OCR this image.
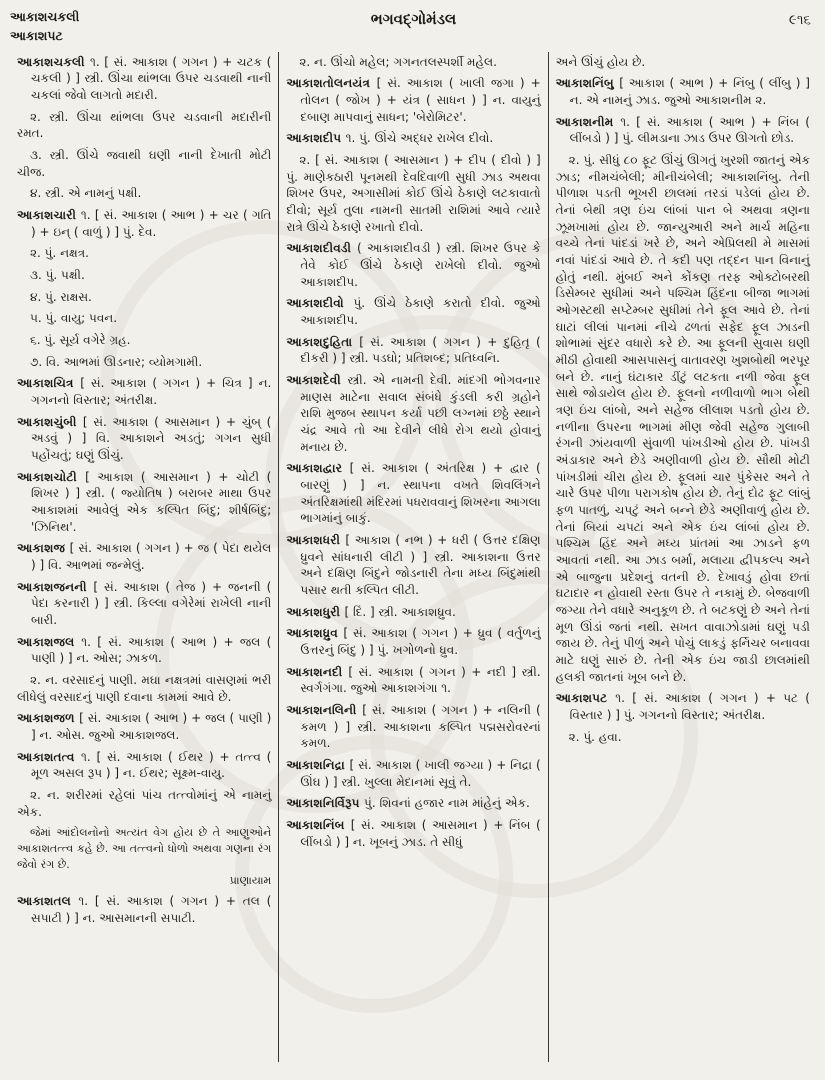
આકાશચકલી
આકાશપટ
ભગવદ્ગોમંડલ	૯૧૬
આકાશચકલી ૧. [ સં. આકાશ ( ગગન ) + ચટક ( ચકલી ) ] સ્ત્રી. ઊંચા થાંભલા ઉપર ચડવાથી નાની ચકલાં જેવો લાગતો મદારી.
૨. સ્ત્રી. ઊંચા થાંભલા ઉપર ચડવાની મદારીની રમત.
૩. સ્ત્રી. ઊંચે જવાથી ઘણી નાની દેખાતી મોટી ચીજ.
૪. સ્ત્રી. એ નામનું પક્ષી.
આકાશચારી ૧. [ સં. આકાશ ( આભ ) + ચર ( ગતિ ) + ઇન્ ( વાળું ) ] પું. દેવ.
૨. પું. નક્ષત્ર.
૩. પું. પક્ષી.
૪. પું. રાક્ષસ.
૫. પું. વાયુ; પવન.
૬. પું. સૂર્ય વગેરે ગ્રહ.
૭. વિ. આભમાં ઊડનાર; વ્યોમગામી.
આકાશચિત્ર [ સં. આકાશ ( ગગન ) + ચિત્ર ] ન. ગગનનો વિસ્તાર; અંતરીક્ષ.
આકાશચુંબી [ સં. આકાશ ( આસમાન ) + ચુંબ્ ( અડવું ) ] વિ. આકાશને અડતું; ગગન સુધી પહોંચતું; ઘણું ઊંચું.
આકાશચોટી [ આકાશ ( આસમાન ) + ચોટી ( શિખર ) ] સ્ત્રી. ( જ્યોતિષ ) બરાબર માથા ઉપર આકાશમાં આવેલું એક કલ્પિત બિંદુ; શીર્ષબિંદુ; 'ઝિનિથ'.
આકાશજ [ સં. આકાશ ( ગગન ) + જ ( પેદા થયેલ ) ] વિ. આભમાં જન્મેલું.
આકાશજનની [ સં. આકાશ ( તેજ ) + જનની ( પેદા કરનારી ) ] સ્ત્રી. કિલ્લા વગેરેમાં રાખેલી નાની બારી.
આકાશજલ ૧. [ સં. આકાશ ( આભ ) + જલ ( પાણી ) ] ન. ઓસ; ઝાકળ.
૨. ન. વરસાદનું પાણી. મઘા નક્ષત્રમાં વાસણમાં ભરી લીધેલું વરસાદનું પાણી દવાના કામમાં આવે છે.
આકાશજળ [ સં. આકાશ ( આભ ) + જલ ( પાણી ) ] ન. ઓસ. જુઓ આકાશજલ.
આકાશતત્વ ૧. [ સં. આકાશ ( ઈથર ) + તત્ત્વ ( મૂળ અસલ રૂપ ) ] ન. ઈથર; સૂક્ષ્મ-વાયુ.
૨. ન. શરીરમાં રહેલાં પાંચ તત્ત્વોમાંનું એ નામનું એક.
જેમાં આંદોલનોનો અત્યંત વેગ હોય છે તે આણુઓને આકાશતત્ત્વ કહે છે. આ તત્ત્વનો ધોળો અથવા ગણના રંગ જેવો રંગ છે.
પ્રાણાયામ
આકાશતલ ૧. [ સં. આકાશ ( ગગન ) + તલ ( સપાટી ) ] ન. આસમાનની સપાટી.
૨. ન. ઊંચો મહેલ; ગગનતલસ્પર્શી મહેલ.
આકાશતોલનયંત્ર [ સં. આકાશ ( ખાલી જગા ) + તોલન ( જોખ ) + યંત્ર ( સાધન ) ] ન. વાયુનું દબાણ માપવાનું સાધન; 'બેરોમિટર'.
આકાશદીપ ૧. પું. ઊંચે અદ્ધર રાખેલ દીવો.
૨. [ સં. આકાશ ( આસમાન ) + દીપ ( દીવો ) ] પું. માણેકઠારી પૂનમથી દેવદિવાળી સુધી ઝાડ અથવા શિખર ઉપર, અગાસીમાં કોઈ ઊંચે ઠેકાણે લટકાવાતો દીવો; સૂર્ય તુલા નામની સાતમી રાશિમાં આવે ત્યારે રાત્રે ઊંચે ઠેકાણે રખાતો દીવો.
આકાશદીવડી ( આકાશદીવડી ) સ્ત્રી. શિખર ઉપર કે તેવે કોઈ ઊંચે ઠેકાણે રાખેલો દીવો. જુઓ આકાશદીપ.
આકાશદીવો પું. ઊંચે ઠેકાણે કરાતો દીવો. જુઓ આકાશદીપ.
આકાશદુહિતા [ સં. આકાશ ( ગગન ) + દુહિતૃ ( દીકરી ) ] સ્ત્રી. પડઘો; પ્રતિશબ્દ; પ્રતિધ્વનિ.
આકાશદેવી સ્ત્રી. એ નામની દેવી. માંદગી ભોગવનાર માણસ માટેના સવાલ સંબંધે કુંડલી કરી ગ્રહોને રાશિ મુજબ સ્થાપન કર્યા પછી લગ્નમાં છઠ્ઠે સ્થાને ચંદ્ર આવે તો આ દેવીને લીધે રોગ થયો હોવાનું મનાય છે.
આકાશદ્વાર [ સં. આકાશ ( અંતરિક્ષ ) + દ્વાર ( બારણું ) ] ન. સ્થાપના વખતે શિવલિંગને અંતરિક્ષમાંથી મંદિરમાં પધરાવવાનું શિખરના આગલા ભાગમાંનું બાકું.
આકાશધરી [ આકાશ ( નભ ) + ધરી ( ઉત્તર દક્ષિણ ધ્રુવને સાંધનારી લીટી ) ] સ્ત્રી. આકાશના ઉત્તર અને દક્ષિણ બિંદુને જોડનારી તેના મધ્ય બિંદુમાંથી પસાર થતી કલ્પિત લીટી.
આકાશધુરી [ દિં. ] સ્ત્રી. આકાશધ્રુવ.
આકાશધ્રુવ [ સં. આકાશ ( ગગન ) + ધ્રુવ ( વર્તુળનું ઉત્તરનું બિંદુ ) ] પું. ખગોળનો ધ્રુવ.
આકાશનદી [ સં. આકાશ ( ગગન ) + નદી ] સ્ત્રી. સ્વર્ગગંગા. જુઓ આકાશગંગા ૧.
આકાશનલિની [ સં. આકાશ ( ગગન ) + નલિની ( કમળ ) ] સ્ત્રી. આકાશના કલ્પિત પદ્મસરોવરનાં કમળ.
આકાશનિદ્રા [ સં. આકાશ ( ખાલી જગ્યા ) + નિદ્રા ( ઊંઘ ) ] સ્ત્રી. ખુલ્લા મેદાનમાં સૂવું તે.
આકાશનિર્વિરૂપ પું. શિવનાં હજાર નામ માંહેનું એક.
આકાશનિંબ [ સં. આકાશ ( આસમાન ) + નિંબ ( લીંબડો ) ] ન. ખૂબનું ઝાડ. તે સીધું
અને ઊંચું હોય છે.
આકાશનિંબુ [ આકાશ ( આભ ) + નિંબુ ( લીંબુ ) ] ન. એ નામનું ઝાડ. જુઓ આકાશનીમ ૨.
આકાશનીમ ૧. [ સં. આકાશ ( આભ ) + નિંબ ( લીંબડો ) ] પું. લીમડાના ઝાડ ઉપર ઊગતો છોડ.
૨. પું. સીધું ૮૦ ફૂટ ઊંચું ઊગતું ખુરશી જાતનું એક ઝાડ; નીમચંબેલી; મીનીચંબેલી; આકાશનિંબુ. તેની પીળાશ પડતી ભૂખરી છાલમાં તરડાં પડેલાં હોય છે. તેનાં બેથી ત્રણ ઇંચ લાંબાં પાન બે અથવા ત્રણના ઝૂમખામાં હોય છે. જાન્યુઆરી અને માર્ચ મહિના વચ્ચે તેનાં પાંદડાં ખરે છે, અને એપ્રિલથી મે માસમાં નવાં પાંદડાં આવે છે. તે કદી પણ તદ્દન પાન વિનાનું હોતું નથી. મુંબઈ અને કોંકણ તરફ ઓક્ટોબરથી ડિસેમ્બર સુધીમાં અને પશ્ચિમ હિંદના બીજા ભાગમાં ઓગસ્ટથી સપ્ટેમ્બર સુધીમાં તેને ફૂલ આવે છે. તેનાં ઘાટાં લીલાં પાનમાં નીચે ઢળતાં સફેદ ફૂલ ઝાડની શોભામાં સુંદર વધારો કરે છે. આ ફૂલની સુવાસ ઘણી મીઠી હોવાથી આસપાસનું વાતાવરણ ખુશબોથી ભરપૂર બને છે. નાનું ઘંટાકાર ડીંટું લટકતા નળી જેવા ફૂલ સાથે જોડાયેલ હોય છે. ફૂલનો નળીવાળો ભાગ બેથી ત્રણ ઇંચ લાંબો, અને સહેજ લીલાશ પડતો હોય છે. નળીના ઉપરના ભાગમાં મીણ જેવી સહેજ ગુલાબી રંગની ઝાંયવાળી સુંવાળી પાંખડીઓ હોય છે. પાંખડી અંડાકાર અને છેડે અણીવાળી હોય છે. સૌથી મોટી પાંખડીમાં ચીરા હોય છે. ફૂલમાં ચાર પુંકેસર અને તે ચારે ઉપર પીળા પરાગકોષ હોય છે. તેનું દોઢ ફૂટ લાંબું ફળ પાતળું, ચપટું અને બન્ને છેડે અણીવાળું હોય છે. તેનાં બિયાં ચપટાં અને એક ઇંચ લાંબાં હોય છે. પશ્ચિમ હિંદ અને મધ્ય પ્રાંતમાં આ ઝાડને ફળ આવતાં નથી. આ ઝાડ બર્મા, મલાયા દ્વીપકલ્પ અને એ બાજુના પ્રદેશનું વતની છે. દેખાવડું હોવા છતાં ઘટાદાર ન હોવાથી રસ્તા ઉપર તે નકામું છે. બેજવાળી જગ્યા તેને વધારે અનુકૂળ છે. તે બટકણું છે અને તેનાં મૂળ ઊંડાં જતાં નથી. સખત વાવાઝોડામાં ઘણું પડી જાય છે. તેનું પીળું અને પોચું લાકડું ફર્નિચર બનાવવા માટે ઘણું સારું છે. તેની એક ઇંચ જાડી છાલમાંથી હલકી જાતનાં ખૂબ બને છે.
આકાશપટ ૧. [ સં. આકાશ ( ગગન ) + પટ ( વિસ્તાર ) ] પું. ગગનનો વિસ્તાર; અંતરીક્ષ.
૨. પું. હવા.
